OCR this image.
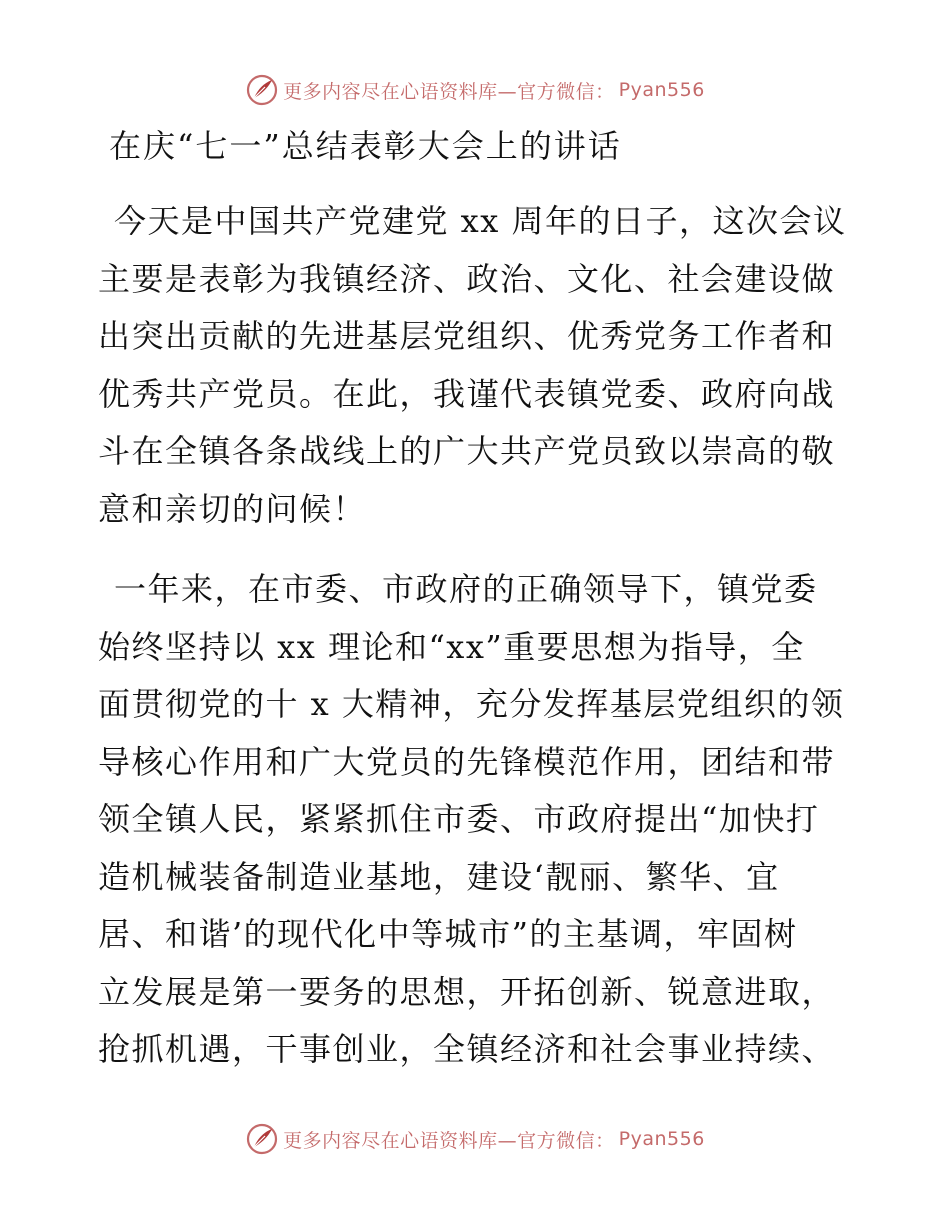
更多内容尽在心语资料库—官方微信： Pyan556
在庆“七一”总结表彰大会上的讲话

今天是中国共产党建党 xx 周年的日子，这次会议
主要是表彰为我镇经济、政治、文化、社会建设做
出突出贡献的先进基层党组织、优秀党务工作者和
优秀共产党员。在此，我谨代表镇党委、政府向战
斗在全镇各条战线上的广大共产党员致以崇高的敬
意和亲切的问候！

一年来，在市委、市政府的正确领导下，镇党委
始终坚持以 xx 理论和“xx”重要思想为指导，全
面贯彻党的十 x 大精神，充分发挥基层党组织的领
导核心作用和广大党员的先锋模范作用，团结和带
领全镇人民，紧紧抓住市委、市政府提出“加快打
造机械装备制造业基地，建设‘靓丽、繁华、宜
居、和谐’的现代化中等城市”的主基调，牢固树
立发展是第一要务的思想，开拓创新、锐意进取，
抢抓机遇，干事创业，全镇经济和社会事业持续、

更多内容尽在心语资料库—官方微信： Pyan556
